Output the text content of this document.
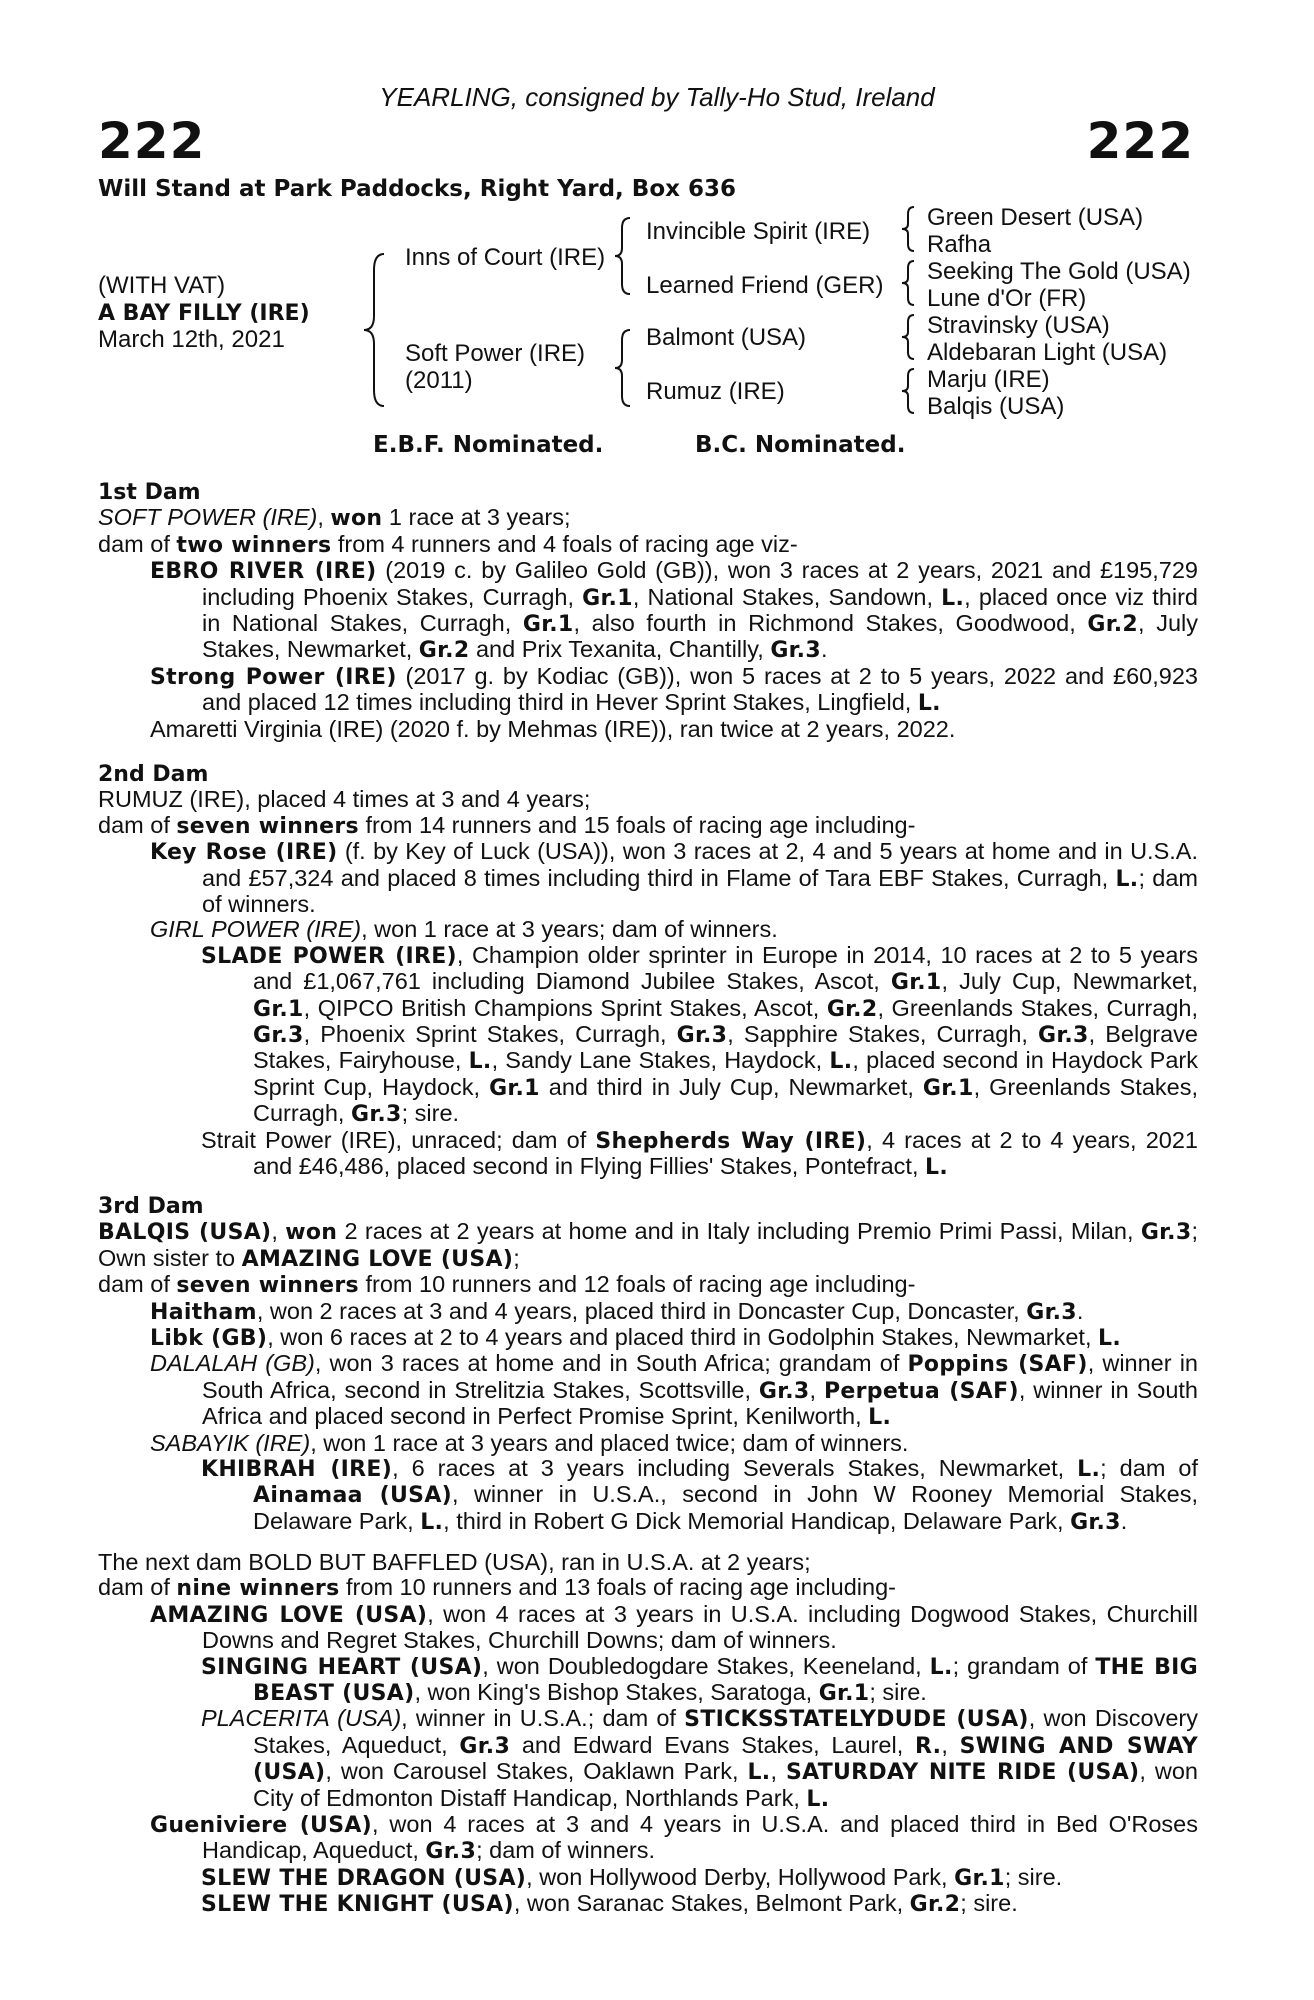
YEARLING, consigned by Tally-Ho Stud, Ireland
222	222
Will Stand at Park Paddocks, Right Yard, Box 636
(WITH VAT)
A BAY FILLY (IRE)
March 12th, 2021
Inns of Court (IRE)
Soft Power (IRE)
(2011)
Invincible Spirit (IRE)
Learned Friend (GER)
Balmont (USA)
Rumuz (IRE)
Green Desert (USA)
Rafha
Seeking The Gold (USA)
Lune d'Or (FR)
Stravinsky (USA)
Aldebaran Light (USA)
Marju (IRE)
Balqis (USA)
E.B.F. Nominated.	B.C. Nominated.
1st Dam
SOFT POWER (IRE), won 1 race at 3 years;
dam of two winners from 4 runners and 4 foals of racing age viz-
EBRO RIVER (IRE) (2019 c. by Galileo Gold (GB)), won 3 races at 2 years, 2021 and £195,729 including Phoenix Stakes, Curragh, Gr.1, National Stakes, Sandown, L., placed once viz third in National Stakes, Curragh, Gr.1, also fourth in Richmond Stakes, Goodwood, Gr.2, July Stakes, Newmarket, Gr.2 and Prix Texanita, Chantilly, Gr.3.
Strong Power (IRE) (2017 g. by Kodiac (GB)), won 5 races at 2 to 5 years, 2022 and £60,923 and placed 12 times including third in Hever Sprint Stakes, Lingfield, L.
Amaretti Virginia (IRE) (2020 f. by Mehmas (IRE)), ran twice at 2 years, 2022.
2nd Dam
RUMUZ (IRE), placed 4 times at 3 and 4 years;
dam of seven winners from 14 runners and 15 foals of racing age including-
Key Rose (IRE) (f. by Key of Luck (USA)), won 3 races at 2, 4 and 5 years at home and in U.S.A. and £57,324 and placed 8 times including third in Flame of Tara EBF Stakes, Curragh, L.; dam of winners.
GIRL POWER (IRE), won 1 race at 3 years; dam of winners.
SLADE POWER (IRE), Champion older sprinter in Europe in 2014, 10 races at 2 to 5 years and £1,067,761 including Diamond Jubilee Stakes, Ascot, Gr.1, July Cup, Newmarket, Gr.1, QIPCO British Champions Sprint Stakes, Ascot, Gr.2, Greenlands Stakes, Curragh, Gr.3, Phoenix Sprint Stakes, Curragh, Gr.3, Sapphire Stakes, Curragh, Gr.3, Belgrave Stakes, Fairyhouse, L., Sandy Lane Stakes, Haydock, L., placed second in Haydock Park Sprint Cup, Haydock, Gr.1 and third in July Cup, Newmarket, Gr.1, Greenlands Stakes, Curragh, Gr.3; sire.
Strait Power (IRE), unraced; dam of Shepherds Way (IRE), 4 races at 2 to 4 years, 2021 and £46,486, placed second in Flying Fillies' Stakes, Pontefract, L.
3rd Dam
BALQIS (USA), won 2 races at 2 years at home and in Italy including Premio Primi Passi, Milan, Gr.3; Own sister to AMAZING LOVE (USA);
dam of seven winners from 10 runners and 12 foals of racing age including-
Haitham, won 2 races at 3 and 4 years, placed third in Doncaster Cup, Doncaster, Gr.3.
Libk (GB), won 6 races at 2 to 4 years and placed third in Godolphin Stakes, Newmarket, L.
DALALAH (GB), won 3 races at home and in South Africa; grandam of Poppins (SAF), winner in South Africa, second in Strelitzia Stakes, Scottsville, Gr.3, Perpetua (SAF), winner in South Africa and placed second in Perfect Promise Sprint, Kenilworth, L.
SABAYIK (IRE), won 1 race at 3 years and placed twice; dam of winners.
KHIBRAH (IRE), 6 races at 3 years including Severals Stakes, Newmarket, L.; dam of Ainamaa (USA), winner in U.S.A., second in John W Rooney Memorial Stakes, Delaware Park, L., third in Robert G Dick Memorial Handicap, Delaware Park, Gr.3.
The next dam BOLD BUT BAFFLED (USA), ran in U.S.A. at 2 years;
dam of nine winners from 10 runners and 13 foals of racing age including-
AMAZING LOVE (USA), won 4 races at 3 years in U.S.A. including Dogwood Stakes, Churchill Downs and Regret Stakes, Churchill Downs; dam of winners.
SINGING HEART (USA), won Doubledogdare Stakes, Keeneland, L.; grandam of THE BIG BEAST (USA), won King's Bishop Stakes, Saratoga, Gr.1; sire.
PLACERITA (USA), winner in U.S.A.; dam of STICKSSTATELYDUDE (USA), won Discovery Stakes, Aqueduct, Gr.3 and Edward Evans Stakes, Laurel, R., SWING AND SWAY (USA), won Carousel Stakes, Oaklawn Park, L., SATURDAY NITE RIDE (USA), won City of Edmonton Distaff Handicap, Northlands Park, L.
Gueniviere (USA), won 4 races at 3 and 4 years in U.S.A. and placed third in Bed O'Roses Handicap, Aqueduct, Gr.3; dam of winners.
SLEW THE DRAGON (USA), won Hollywood Derby, Hollywood Park, Gr.1; sire.
SLEW THE KNIGHT (USA), won Saranac Stakes, Belmont Park, Gr.2; sire.
